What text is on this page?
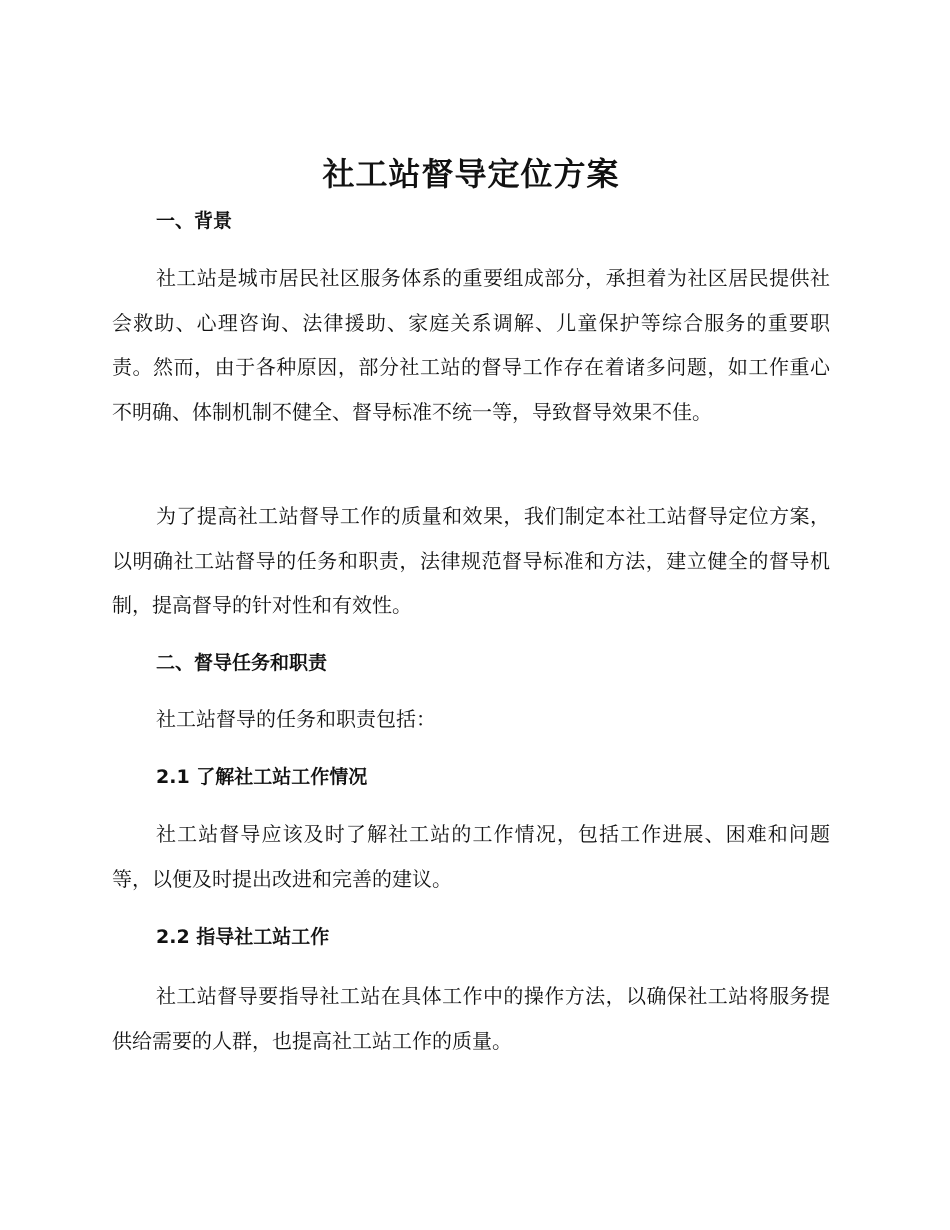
社工站督导定位方案
一、背景

社工站是城市居民社区服务体系的重要组成部分，承担着为社区居民提供社会救助、心理咨询、法律援助、家庭关系调解、儿童保护等综合服务的重要职责。然而，由于各种原因，部分社工站的督导工作存在着诸多问题，如工作重心不明确、体制机制不健全、督导标准不统一等，导致督导效果不佳。

为了提高社工站督导工作的质量和效果，我们制定本社工站督导定位方案，以明确社工站督导的任务和职责，法律规范督导标准和方法，建立健全的督导机制，提高督导的针对性和有效性。

二、督导任务和职责

社工站督导的任务和职责包括：

2.1 了解社工站工作情况

社工站督导应该及时了解社工站的工作情况，包括工作进展、困难和问题等，以便及时提出改进和完善的建议。

2.2 指导社工站工作

社工站督导要指导社工站在具体工作中的操作方法，以确保社工站将服务提供给需要的人群，也提高社工站工作的质量。
